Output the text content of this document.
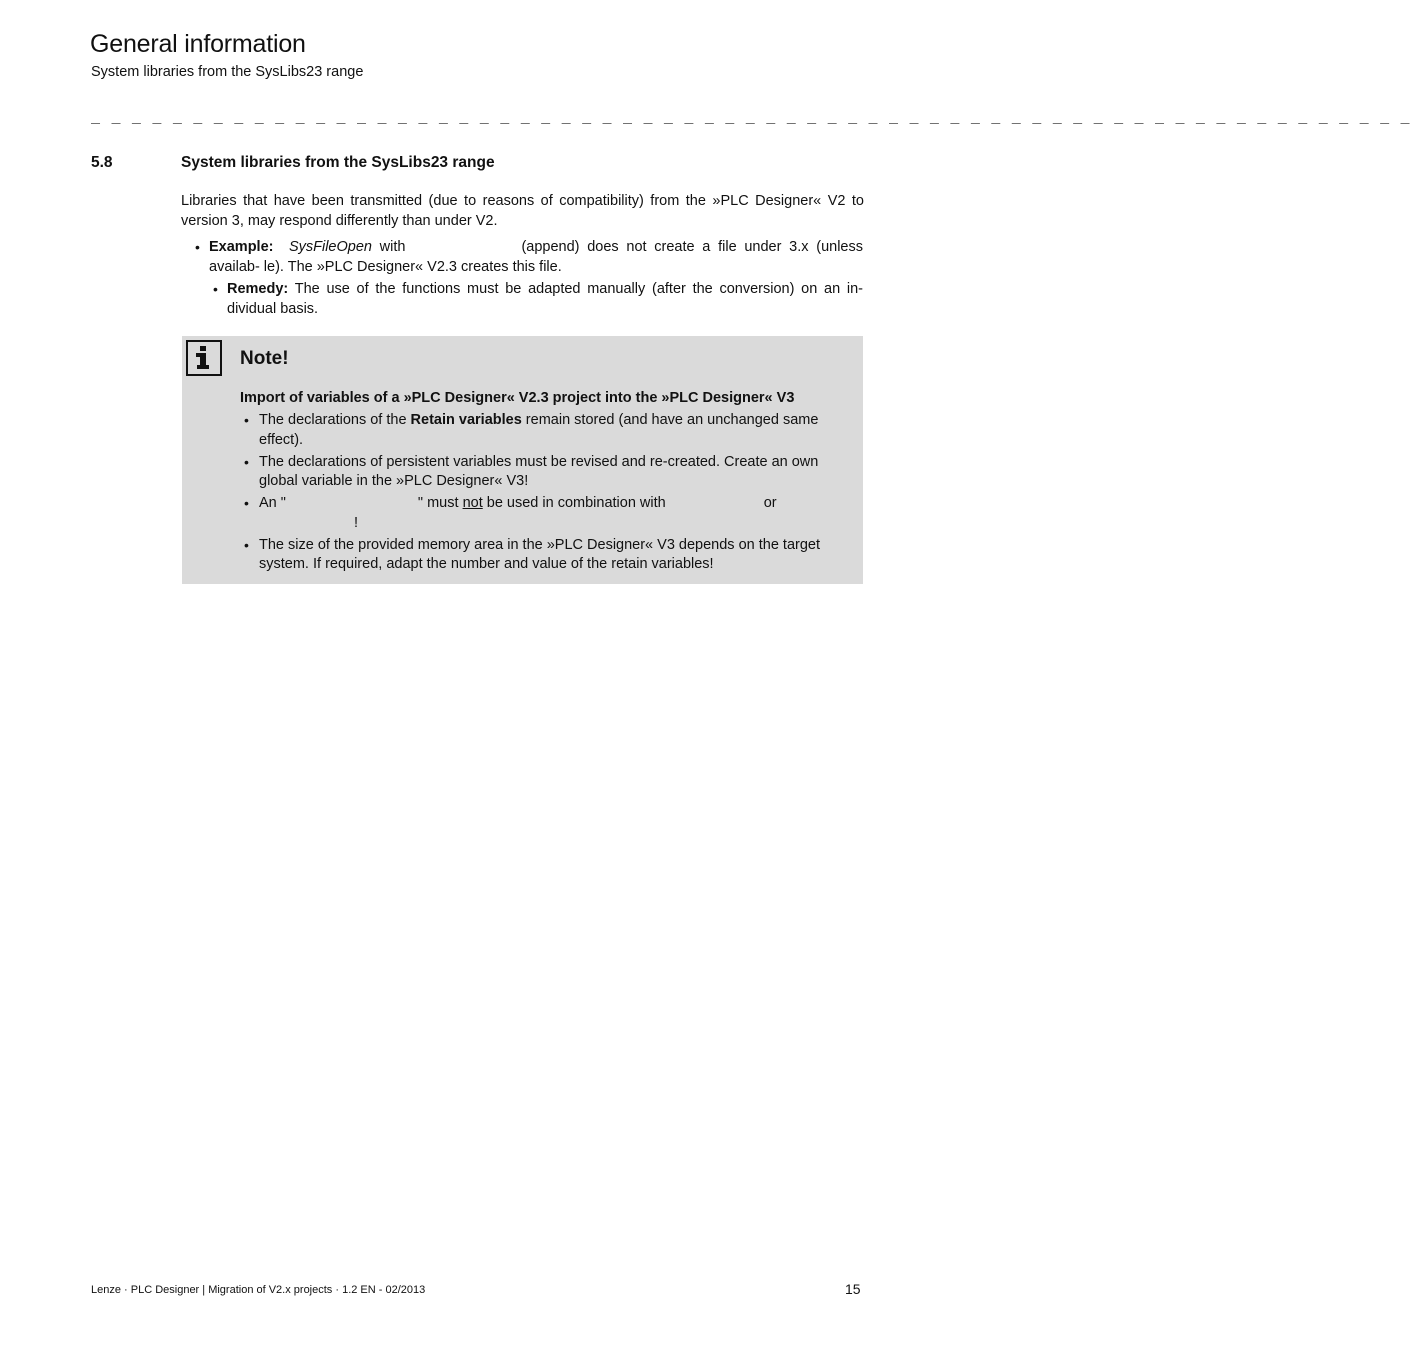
General information
System libraries from the SysLibs23 range
_ _ _ _ _ _ _ _ _ _ _ _ _ _ _ _ _ _ _ _ _ _ _ _ _ _ _ _ _ _ _ _ _ _ _ _ _ _ _ _ _ _ _ _ _ _ _ _ _ _ _ _ _ _ _ _ _ _ _ _ _ _ _ _ _
5.8	System libraries from the SysLibs23 range
Libraries that have been transmitted (due to reasons of compatibility) from the »PLC Designer« V2 to version 3, may respond differently than under V2.
• Example: SysFileOpen with	(append) does not create a file under 3.x (unless availab- le). The »PLC Designer« V2.3 creates this file.
• Remedy: The use of the functions must be adapted manually (after the conversion) on an in- dividual basis.
Note!
Import of variables of a »PLC Designer« V2.3 project into the »PLC Designer« V3
• The declarations of the Retain variables remain stored (and have an unchanged same effect).
• The declarations of persistent variables must be revised and re-created. Create an own global variable in the »PLC Designer« V3!
• An "	" must not be used in combination with	or
!
• The size of the provided memory area in the »PLC Designer« V3 depends on the target system. If required, adapt the number and value of the retain variables!
Lenze · PLC Designer | Migration of V2.x projects · 1.2 EN - 02/2013	15
